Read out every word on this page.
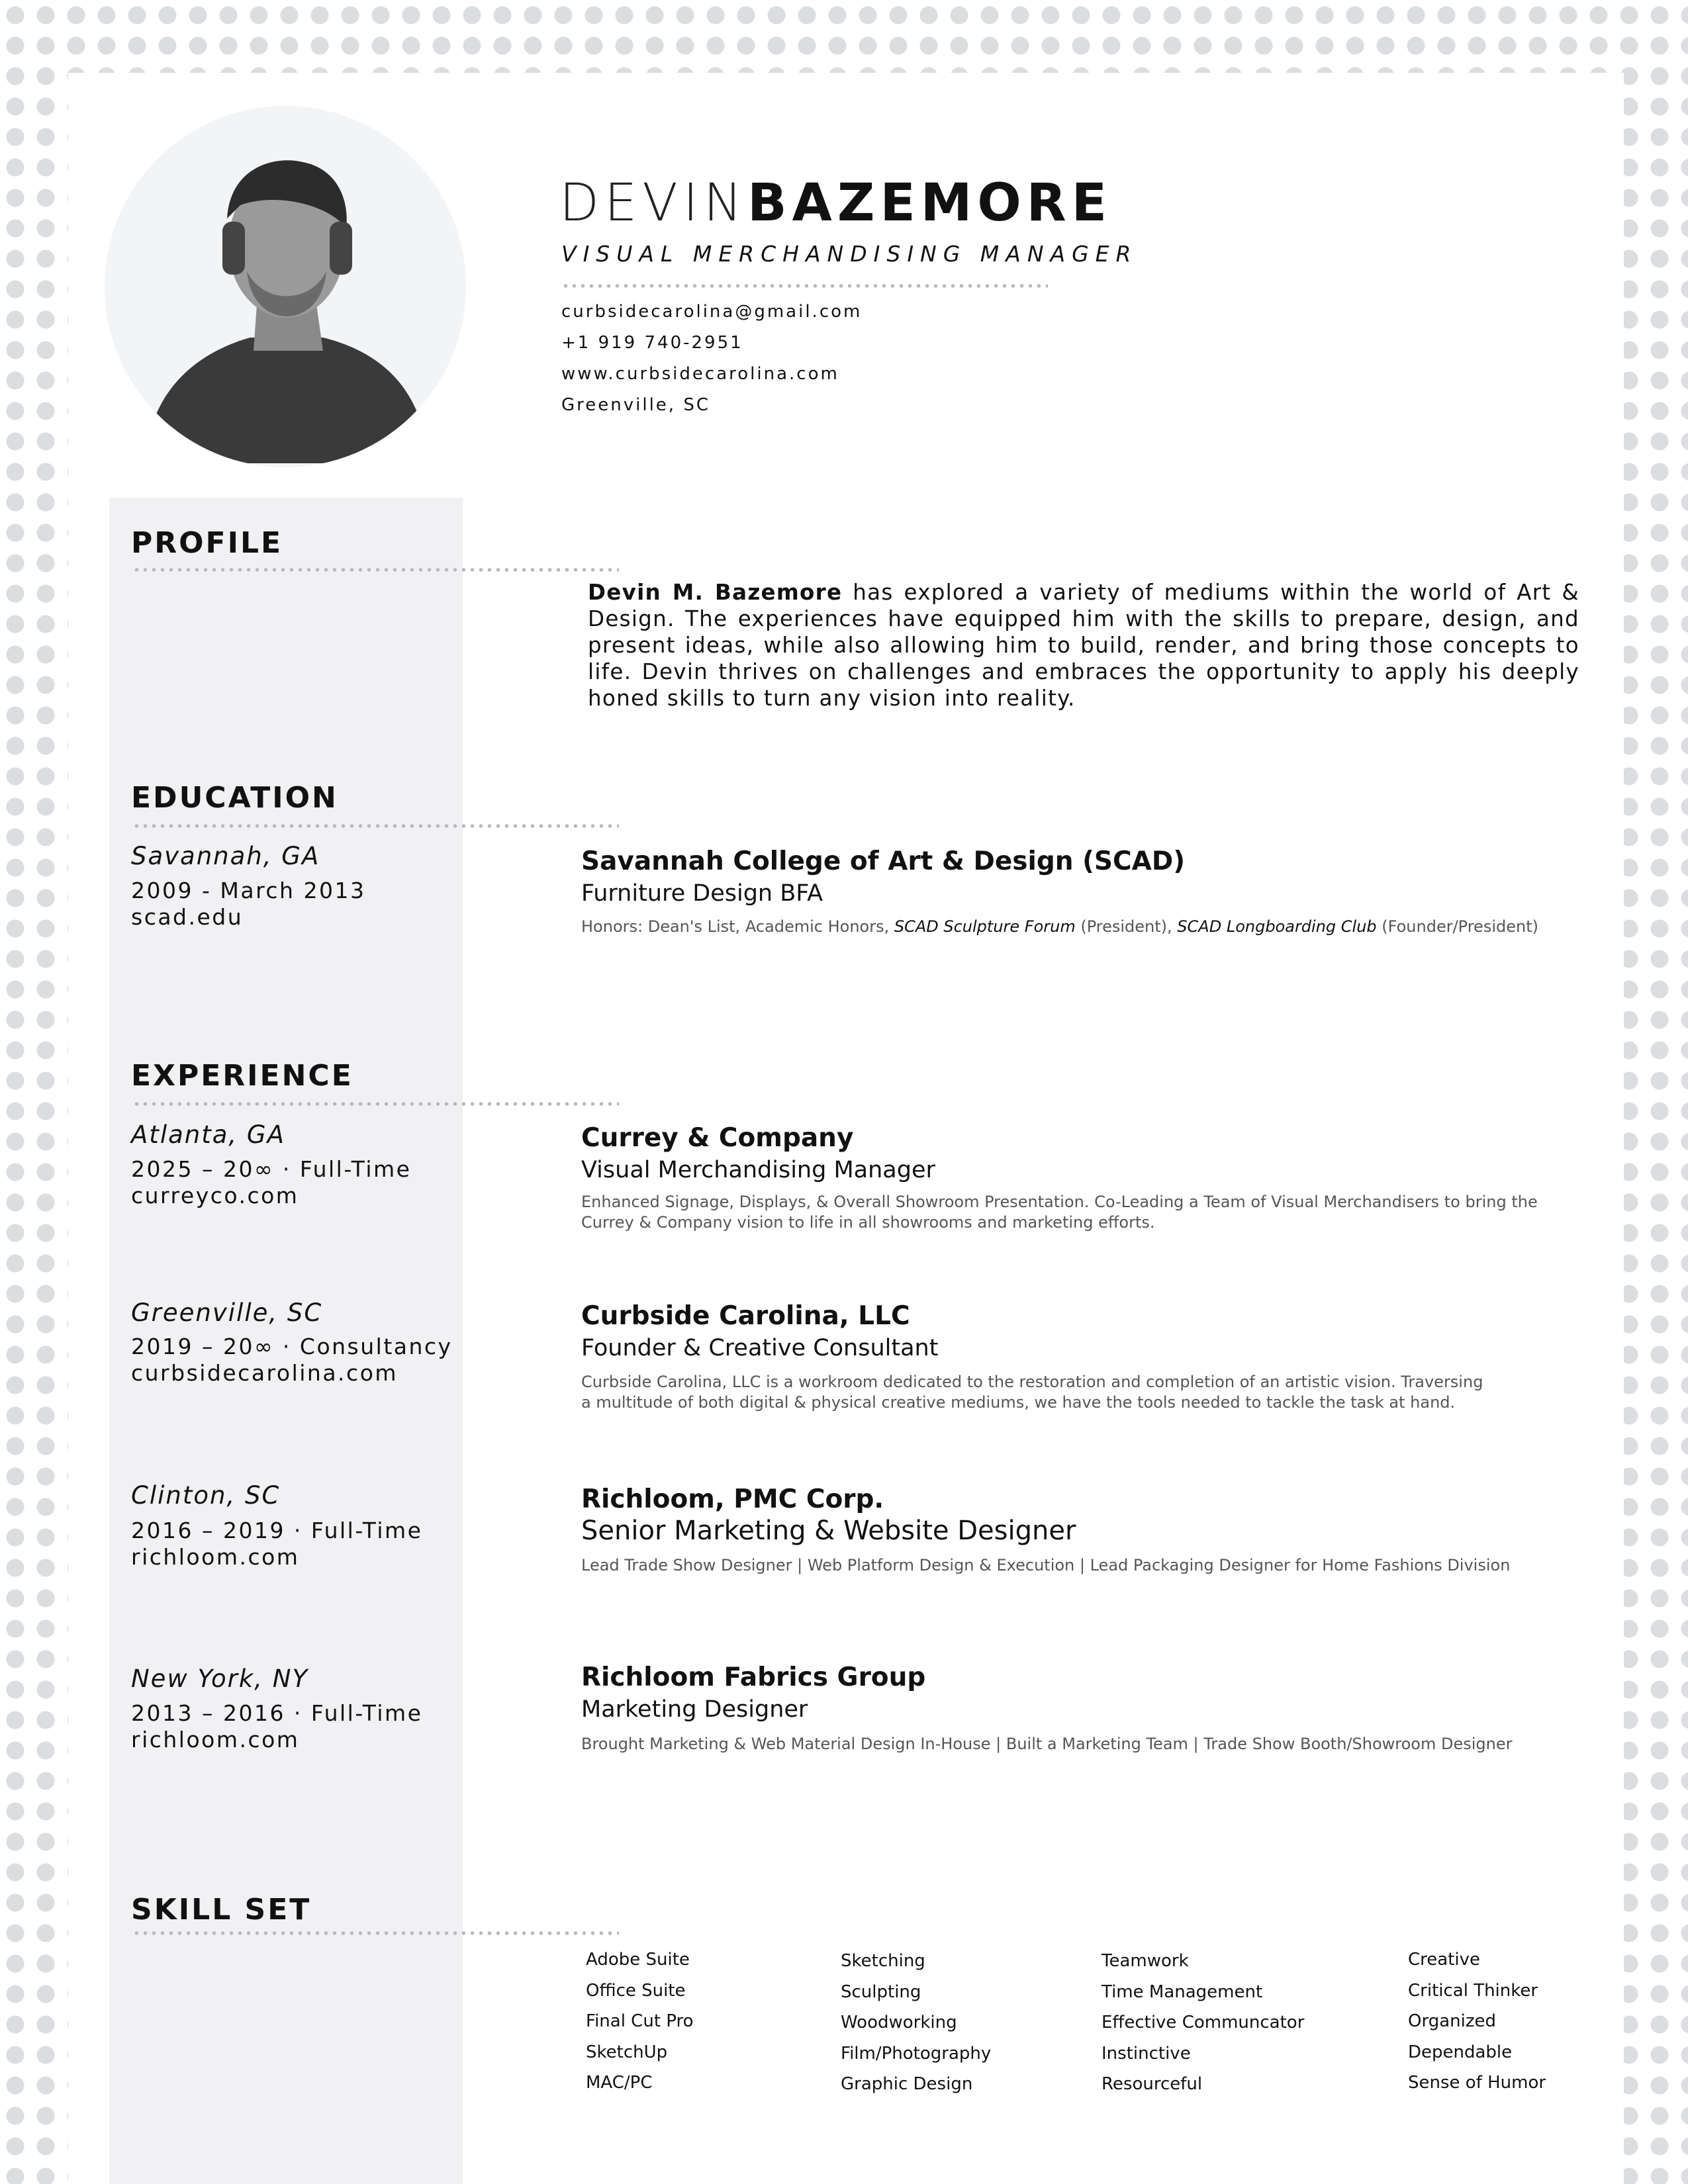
DEVINBAZEMORE
VISUAL MERCHANDISING MANAGER
curbsidecarolina@gmail.com
+1 919 740-2951
www.curbsidecarolina.com
Greenville, SC
PROFILE
Devin M. Bazemore has explored a variety of mediums within the world of Art & Design. The experiences have equipped him with the skills to prepare, design, and present ideas, while also allowing him to build, render, and bring those concepts to life. Devin thrives on challenges and embraces the opportunity to apply his deeply honed skills to turn any vision into reality.
EDUCATION
Savannah, GA
2009 - March 2013
scad.edu
Savannah College of Art & Design (SCAD)
Furniture Design BFA
Honors: Dean's List, Academic Honors, SCAD Sculpture Forum (President), SCAD Longboarding Club (Founder/President)
EXPERIENCE
Atlanta, GA
2025 – 20∞ · Full-Time
curreyco.com
Currey & Company
Visual Merchandising Manager
Enhanced Signage, Displays, & Overall Showroom Presentation. Co-Leading a Team of Visual Merchandisers to bring the
Currey & Company vision to life in all showrooms and marketing efforts.
Greenville, SC
2019 – 20∞ · Consultancy
curbsidecarolina.com
Curbside Carolina, LLC
Founder & Creative Consultant
Curbside Carolina, LLC is a workroom dedicated to the restoration and completion of an artistic vision. Traversing
a multitude of both digital & physical creative mediums, we have the tools needed to tackle the task at hand.
Clinton, SC
2016 – 2019 · Full-Time
richloom.com
Richloom, PMC Corp.
Senior Marketing & Website Designer
Lead Trade Show Designer | Web Platform Design & Execution | Lead Packaging Designer for Home Fashions Division
New York, NY
2013 – 2016 · Full-Time
richloom.com
Richloom Fabrics Group
Marketing Designer
Brought Marketing & Web Material Design In-House | Built a Marketing Team | Trade Show Booth/Showroom Designer
SKILL SET
Adobe Suite
Office Suite
Final Cut Pro
SketchUp
MAC/PC
Sketching
Sculpting
Woodworking
Film/Photography
Graphic Design
Teamwork
Time Management
Effective Communcator
Instinctive
Resourceful
Creative
Critical Thinker
Organized
Dependable
Sense of Humor
